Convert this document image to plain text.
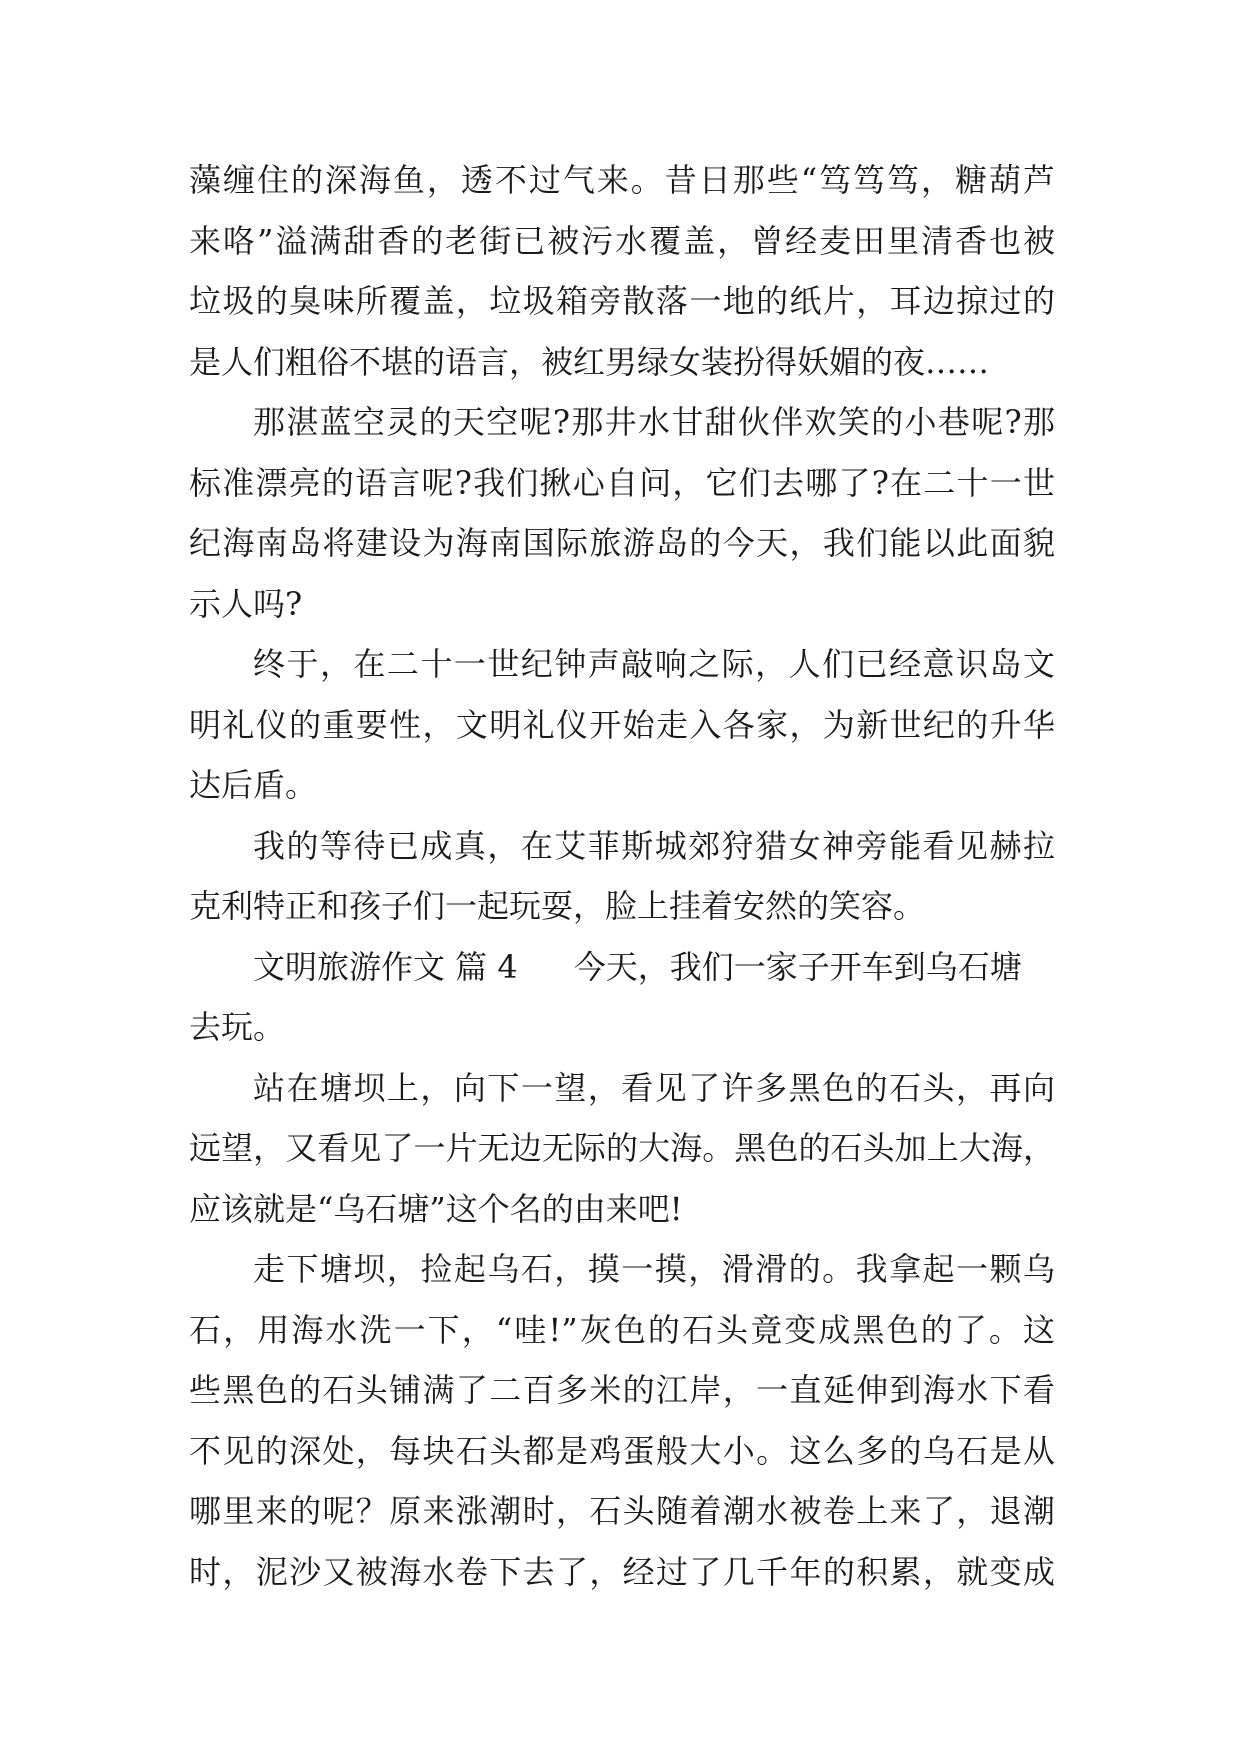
藻缠住的深海鱼，透不过气来。昔日那些“笃笃笃，糖葫芦
来咯”溢满甜香的老街已被污水覆盖，曾经麦田里清香也被
垃圾的臭味所覆盖，垃圾箱旁散落一地的纸片，耳边掠过的
是人们粗俗不堪的语言，被红男绿女装扮得妖媚的夜……
那湛蓝空灵的天空呢?那井水甘甜伙伴欢笑的小巷呢?那
标准漂亮的语言呢?我们揪心自问，它们去哪了?在二十一世
纪海南岛将建设为海南国际旅游岛的今天，我们能以此面貌
示人吗?
终于，在二十一世纪钟声敲响之际，人们已经意识岛文
明礼仪的重要性，文明礼仪开始走入各家，为新世纪的升华
达后盾。
我的等待已成真，在艾菲斯城郊狩猎女神旁能看见赫拉
克利特正和孩子们一起玩耍，脸上挂着安然的笑容。
文明旅游作文 篇 4 今天，我们一家子开车到乌石塘
去玩。
站在塘坝上，向下一望，看见了许多黑色的石头，再向
远望，又看见了一片无边无际的大海。黑色的石头加上大海，
应该就是“乌石塘”这个名的由来吧!
走下塘坝，捡起乌石，摸一摸，滑滑的。我拿起一颗乌
石，用海水洗一下，“哇!”灰色的石头竟变成黑色的了。这
些黑色的石头铺满了二百多米的江岸，一直延伸到海水下看
不见的深处，每块石头都是鸡蛋般大小。这么多的乌石是从
哪里来的呢？原来涨潮时，石头随着潮水被卷上来了，退潮
时，泥沙又被海水卷下去了，经过了几千年的积累，就变成
